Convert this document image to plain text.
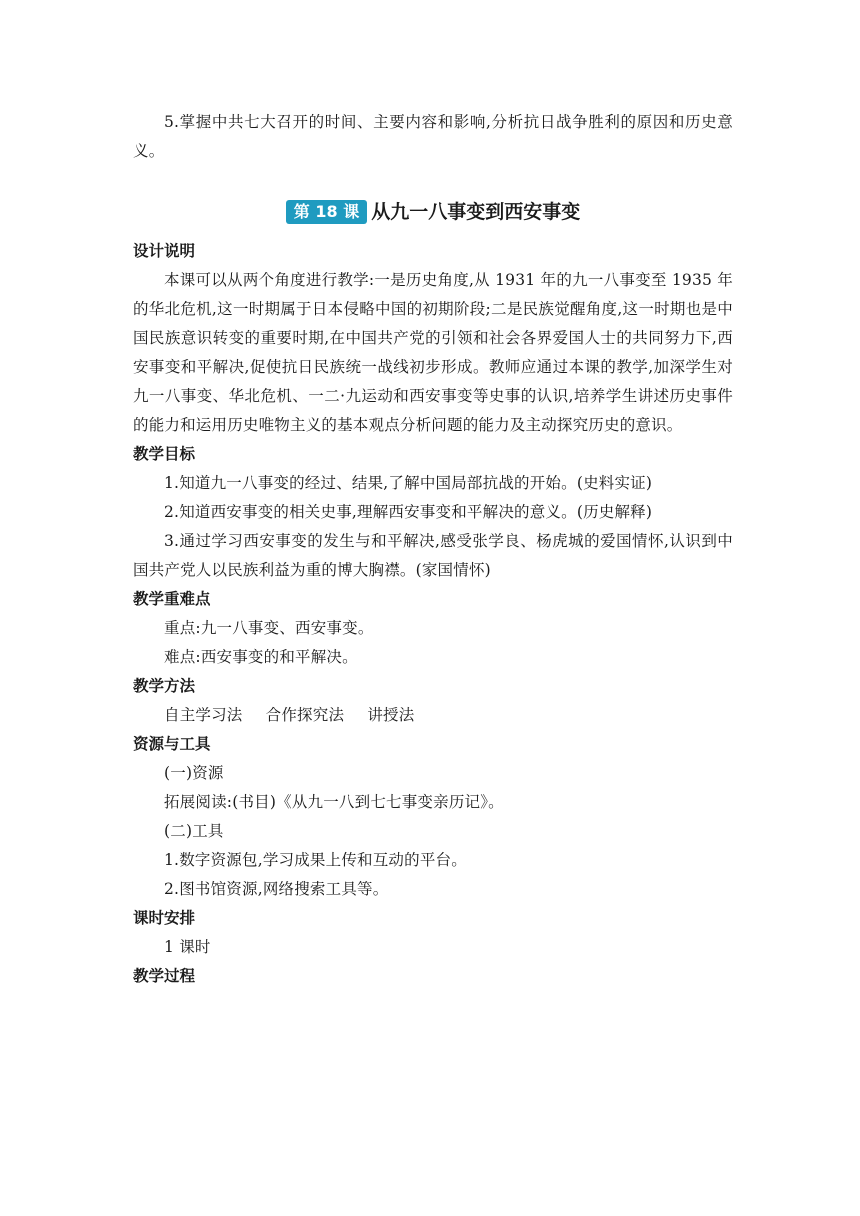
5.掌握中共七大召开的时间、主要内容和影响,分析抗日战争胜利的原因和历史意义。

第 18 课 从九一八事变到西安事变
设计说明

本课可以从两个角度进行教学:一是历史角度,从 1931 年的九一八事变至 1935 年的华北危机,这一时期属于日本侵略中国的初期阶段;二是民族觉醒角度,这一时期也是中国民族意识转变的重要时期,在中国共产党的引领和社会各界爱国人士的共同努力下,西安事变和平解决,促使抗日民族统一战线初步形成。教师应通过本课的教学,加深学生对九一八事变、华北危机、一二·九运动和西安事变等史事的认识,培养学生讲述历史事件的能力和运用历史唯物主义的基本观点分析问题的能力及主动探究历史的意识。

教学目标

1.知道九一八事变的经过、结果,了解中国局部抗战的开始。(史料实证)

2.知道西安事变的相关史事,理解西安事变和平解决的意义。(历史解释)

3.通过学习西安事变的发生与和平解决,感受张学良、杨虎城的爱国情怀,认识到中国共产党人以民族利益为重的博大胸襟。(家国情怀)

教学重难点

重点:九一八事变、西安事变。

难点:西安事变的和平解决。

教学方法

自主学习法 合作探究法 讲授法

资源与工具

(一)资源

拓展阅读:(书目)《从九一八到七七事变亲历记》。

(二)工具

1.数字资源包,学习成果上传和互动的平台。

2.图书馆资源,网络搜索工具等。

课时安排

1 课时

教学过程
